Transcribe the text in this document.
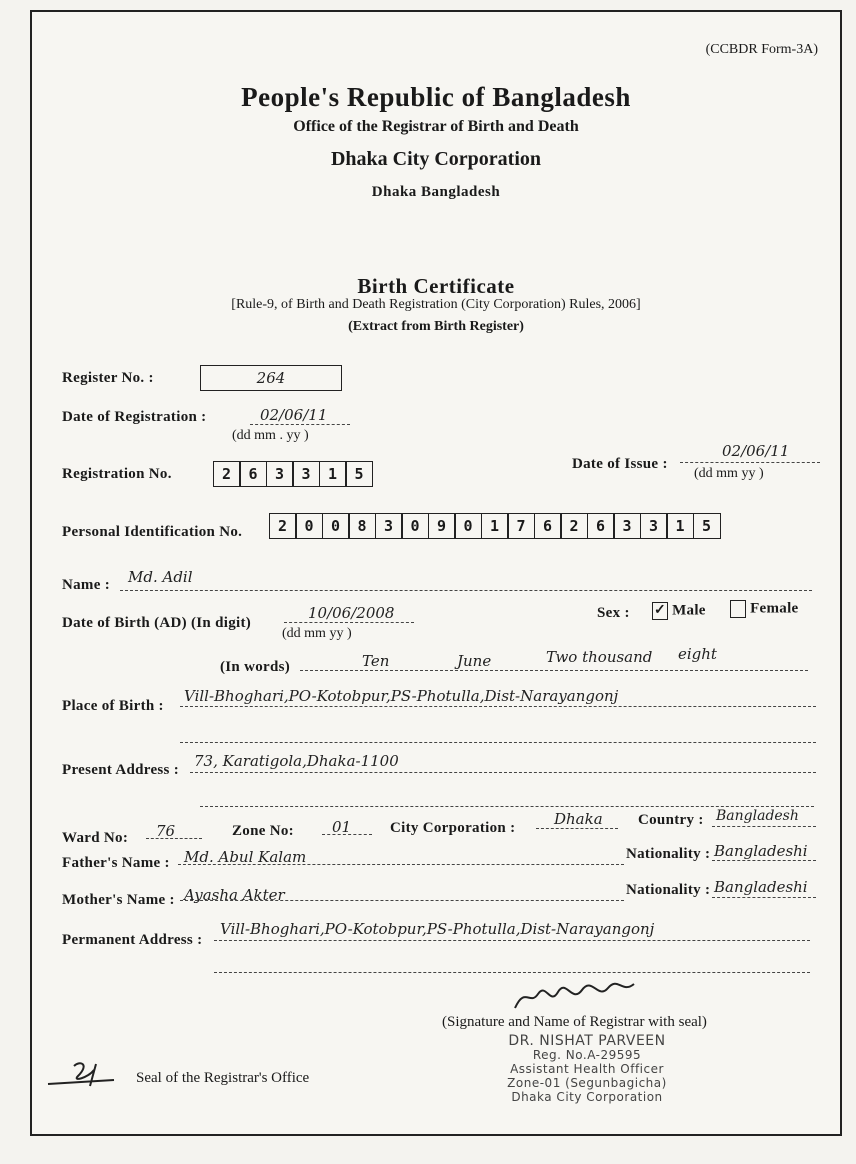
(CCBDR Form-3A)
People's Republic of Bangladesh
Office of the Registrar of Birth and Death
Dhaka City Corporation
Dhaka Bangladesh
Birth Certificate
[Rule-9, of Birth and Death Registration (City Corporation) Rules, 2006]
(Extract from Birth Register)
Register No. :	264
Date of Registration :	02/06/11
(dd mm . yy )
Registration No.	2	6	3	3	1	5
Date of Issue :
02/06/11
(dd mm yy )
Personal Identification No.	2	0	0	8	3	0	9	0	1	7	6	2	6	3	3	1	5
Name : Md. Adil
Date of Birth (AD) (In digit)
10/06/2008
(dd mm yy )
Sex : ✓ Male	Female
(In words)	Ten	June	Two thousand eight
Place of Birth :
Vill-Bhoghari,PO-Kotobpur,PS-Photulla,Dist-Narayangonj
Present Address : 73, Karatigola,Dhaka-1100
Ward No: 76	Zone No:	01	City Corporation :	Dhaka Country : Bangladesh
Father's Name : Md. Abul Kalam	Nationality : Bangladeshi
Mother's Name : Ayasha Akter	Nationality : Bangladeshi
Permanent Address :
Vill-Bhoghari,PO-Kotobpur,PS-Photulla,Dist-Narayangonj
(Signature and Name of Registrar with seal)
DR. NISHAT PARVEEN
Reg. No.A-29595
Assistant Health Officer
Zone-01 (Segunbagicha)
Dhaka City Corporation
Seal of the Registrar's Office
